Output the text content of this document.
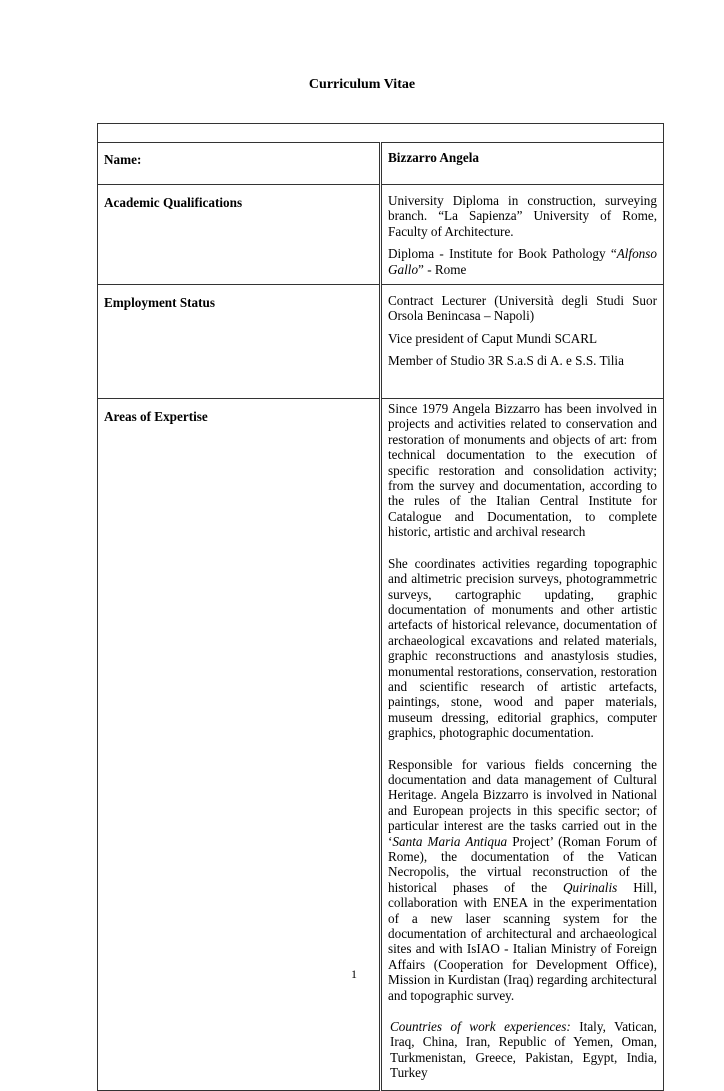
Curriculum Vitae

Name:	Bizzarro Angela
Academic Qualifications	University Diploma in construction, surveying branch. “La Sapienza” University of Rome, Faculty of Architecture.

Diploma - Institute for Book Pathology “Alfonso Gallo” - Rome

Employment Status	Contract Lecturer (Università degli Studi Suor Orsola Benincasa – Napoli)

Vice president of Caput Mundi SCARL

Member of Studio 3R S.a.S di A. e S.S. Tilia

Areas of Expertise	Since 1979 Angela Bizzarro has been involved in projects and activities related to conservation and restoration of monuments and objects of art: from technical documentation to the execution of specific restoration and consolidation activity; from the survey and documentation, according to the rules of the Italian Central Institute for Catalogue and Documentation, to complete historic, artistic and archival research

She coordinates activities regarding topographic and altimetric precision surveys, photogrammetric surveys, cartographic updating, graphic documentation of monuments and other artistic artefacts of historical relevance, documentation of archaeological excavations and related materials, graphic reconstructions and anastylosis studies, monumental restorations, conservation, restoration and scientific research of artistic artefacts, paintings, stone, wood and paper materials, museum dressing, editorial graphics, computer graphics, photographic documentation.

Responsible for various fields concerning the documentation and data management of Cultural Heritage. Angela Bizzarro is involved in National and European projects in this specific sector; of particular interest are the tasks carried out in the ‘Santa Maria Antiqua Project’ (Roman Forum of Rome), the documentation of the Vatican Necropolis, the virtual reconstruction of the historical phases of the Quirinalis Hill, collaboration with ENEA in the experimentation of a new laser scanning system for the documentation of architectural and archaeological sites and with IsIAO - Italian Ministry of Foreign Affairs (Cooperation for Development Office), Mission in Kurdistan (Iraq) regarding architectural and topographic survey.

Countries of work experiences: Italy, Vatican, Iraq, China, Iran, Republic of Yemen, Oman, Turkmenistan, Greece, Pakistan, Egypt, India, Turkey

1
